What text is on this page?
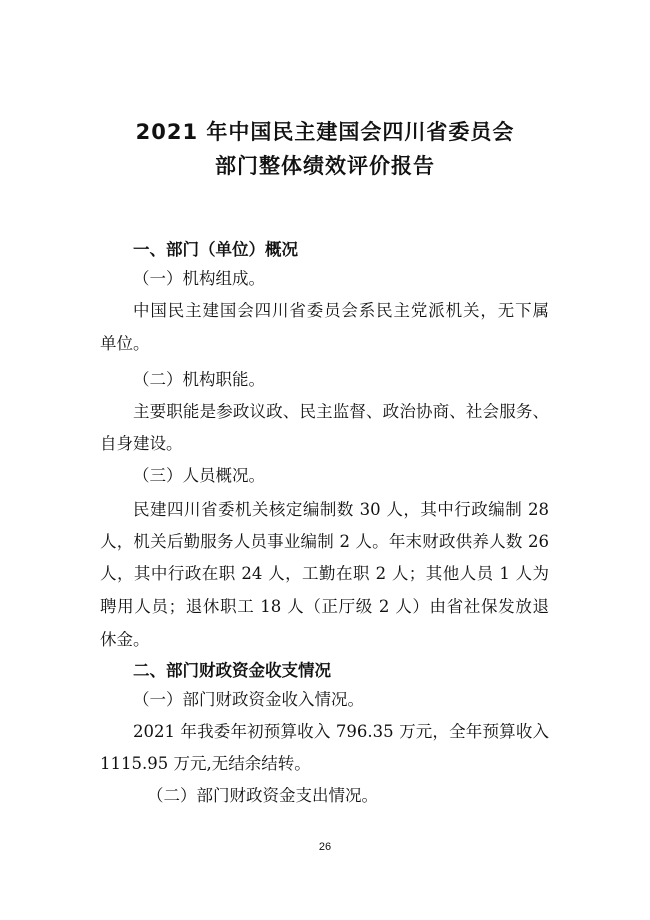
2021 年中国民主建国会四川省委员会
部门整体绩效评价报告

一、部门（单位）概况

（一）机构组成。

中国民主建国会四川省委员会系民主党派机关，无下属

单位。

（二）机构职能。

主要职能是参政议政、民主监督、政治协商、社会服务、

自身建设。

（三）人员概况。

民建四川省委机关核定编制数 30 人，其中行政编制 28

人，机关后勤服务人员事业编制 2 人。年末财政供养人数 26

人，其中行政在职 24 人，工勤在职 2 人；其他人员 1 人为

聘用人员；退休职工 18 人（正厅级 2 人）由省社保发放退

休金。

二、部门财政资金收支情况

（一）部门财政资金收入情况。

2021 年我委年初预算收入 796.35 万元，全年预算收入

1115.95 万元,无结余结转。

（二）部门财政资金支出情况。

26
